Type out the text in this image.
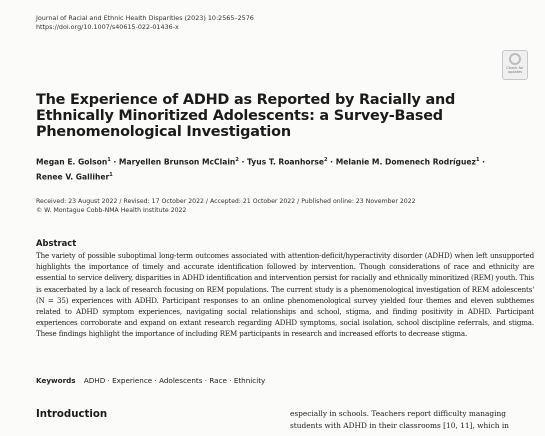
Journal of Racial and Ethnic Health Disparities (2023) 10:2565–2576
https://doi.org/10.1007/s40615-022-01436-x
Check for updates
The Experience of ADHD as Reported by Racially and Ethnically Minoritized Adolescents: a Survey-Based Phenomenological Investigation
Megan E. Golson$^1$ · Maryellen Brunson McClain$^2$ · Tyus T. Roanhorse$^2$ · Melanie M. Domenech Rodríguez$^1$ ·
Renee V. Galliher$^1$
Received: 23 August 2022 / Revised: 17 October 2022 / Accepted: 21 October 2022 / Published online: 23 November 2022
© W. Montague Cobb-NMA Health Institute 2022
Abstract

The variety of possible suboptimal long-term outcomes associated with attention-deficit/hyperactivity disorder (ADHD) when left unsupported highlights the importance of timely and accurate identification followed by intervention. Though considerations of race and ethnicity are essential to service delivery, disparities in ADHD identification and intervention persist for racially and ethnically minoritized (REM) youth. This is exacerbated by a lack of research focusing on REM populations. The current study is a phenomenological investigation of REM adolescents' (N = 35) experiences with ADHD. Participant responses to an online phenomenological survey yielded four themes and eleven subthemes related to ADHD symptom experiences, navigating social relationships and school, stigma, and finding positivity in ADHD. Participant experiences corroborate and expand on extant research regarding ADHD symptoms, social isolation, school discipline referrals, and stigma. These findings highlight the importance of including REM participants in research and increased efforts to decrease stigma.

Keywords ADHD · Experience · Adolescents · Race · Ethnicity
Introduction	especially in schools. Teachers report difficulty managing
students with ADHD in their classrooms [10, 11], which in
